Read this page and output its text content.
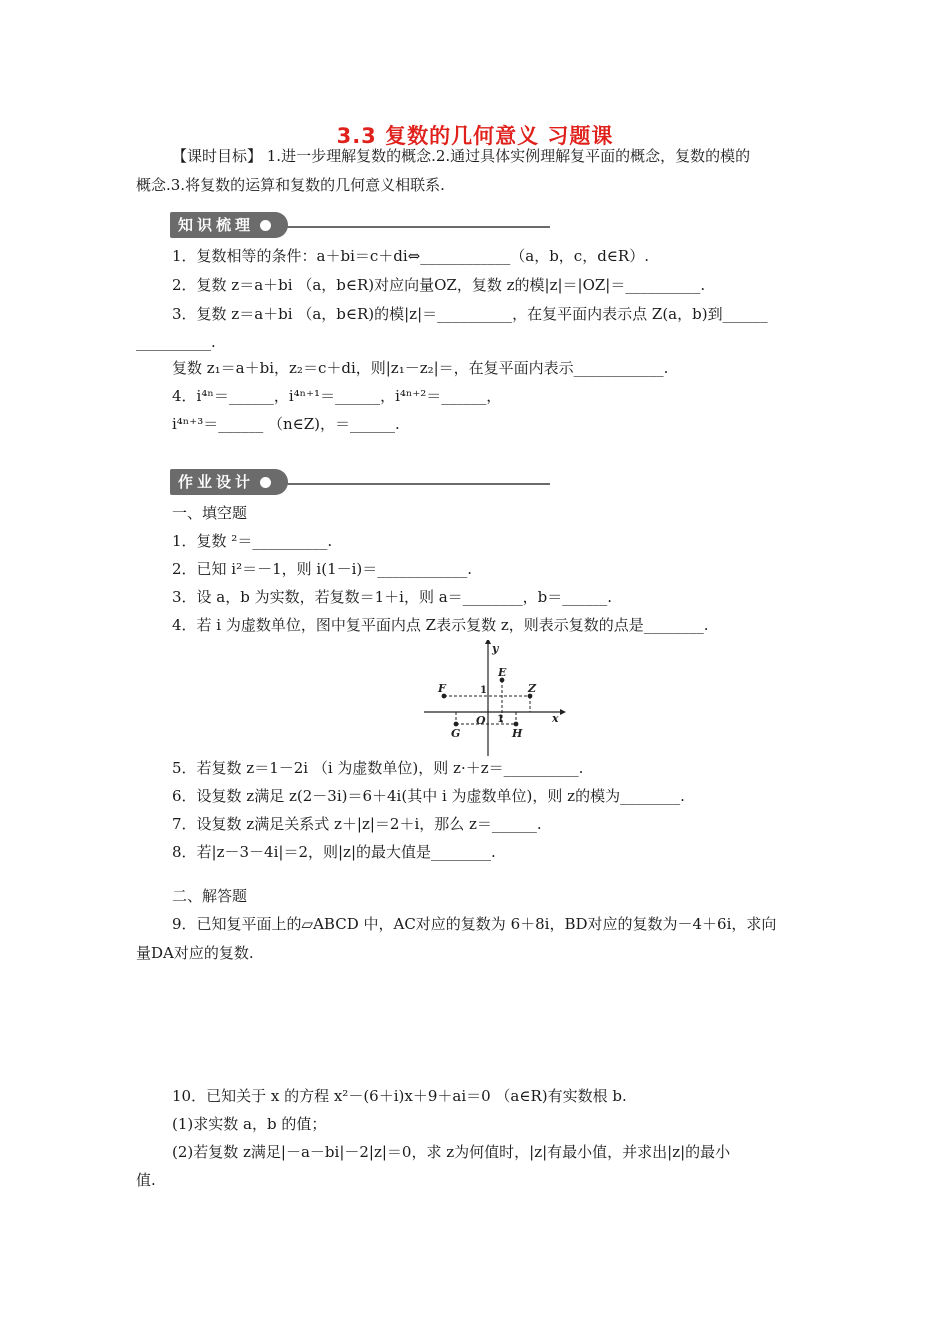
3.3 复数的几何意义 习题课
【课时目标】 1.进一步理解复数的概念.2.通过具体实例理解复平面的概念，复数的模的
概念.3.将复数的运算和复数的几何意义相联系.
知识梳理
1．复数相等的条件：a＋bi＝c＋di⇔____________（a，b，c，d∈R）.
2．复数 z＝a＋bi （a，b∈R)对应向量OZ，复数 z的模|z|＝|OZ|＝__________.
3．复数 z＝a＋bi （a，b∈R)的模|z|＝__________，在复平面内表示点 Z(a，b)到______
__________.
复数 z₁＝a＋bi，z₂＝c＋di，则|z₁－z₂|＝，在复平面内表示____________.
4．i⁴ⁿ＝______，i⁴ⁿ⁺¹＝______，i⁴ⁿ⁺²＝______，
i⁴ⁿ⁺³＝______ （n∈Z)，＝______.
作业设计
一、填空题
1．复数 ²＝__________.
2．已知 i²＝－1，则 i(1－i)＝____________.
3．设 a，b 为实数，若复数＝1＋i，则 a＝________，b＝______.
4．若 i 为虚数单位，图中复平面内点 Z表示复数 z，则表示复数的点是________.
x
y
O
E
F	Z
G	H
1
1
5．若复数 z＝1－2i （i 为虚数单位)，则 z·＋z＝__________.
6．设复数 z满足 z(2－3i)＝6＋4i(其中 i 为虚数单位)，则 z的模为________.
7．设复数 z满足关系式 z＋|z|＝2＋i，那么 z＝______.
8．若|z－3－4i|＝2，则|z|的最大值是________.
二、解答题
9．已知复平面上的▱ABCD 中，AC对应的复数为 6＋8i，BD对应的复数为－4＋6i，求向
量DA对应的复数.
10．已知关于 x 的方程 x²－(6＋i)x＋9＋ai＝0 （a∈R)有实数根 b.
(1)求实数 a，b 的值；
(2)若复数 z满足|－a－bi|－2|z|＝0，求 z为何值时，|z|有最小值，并求出|z|的最小
值.
